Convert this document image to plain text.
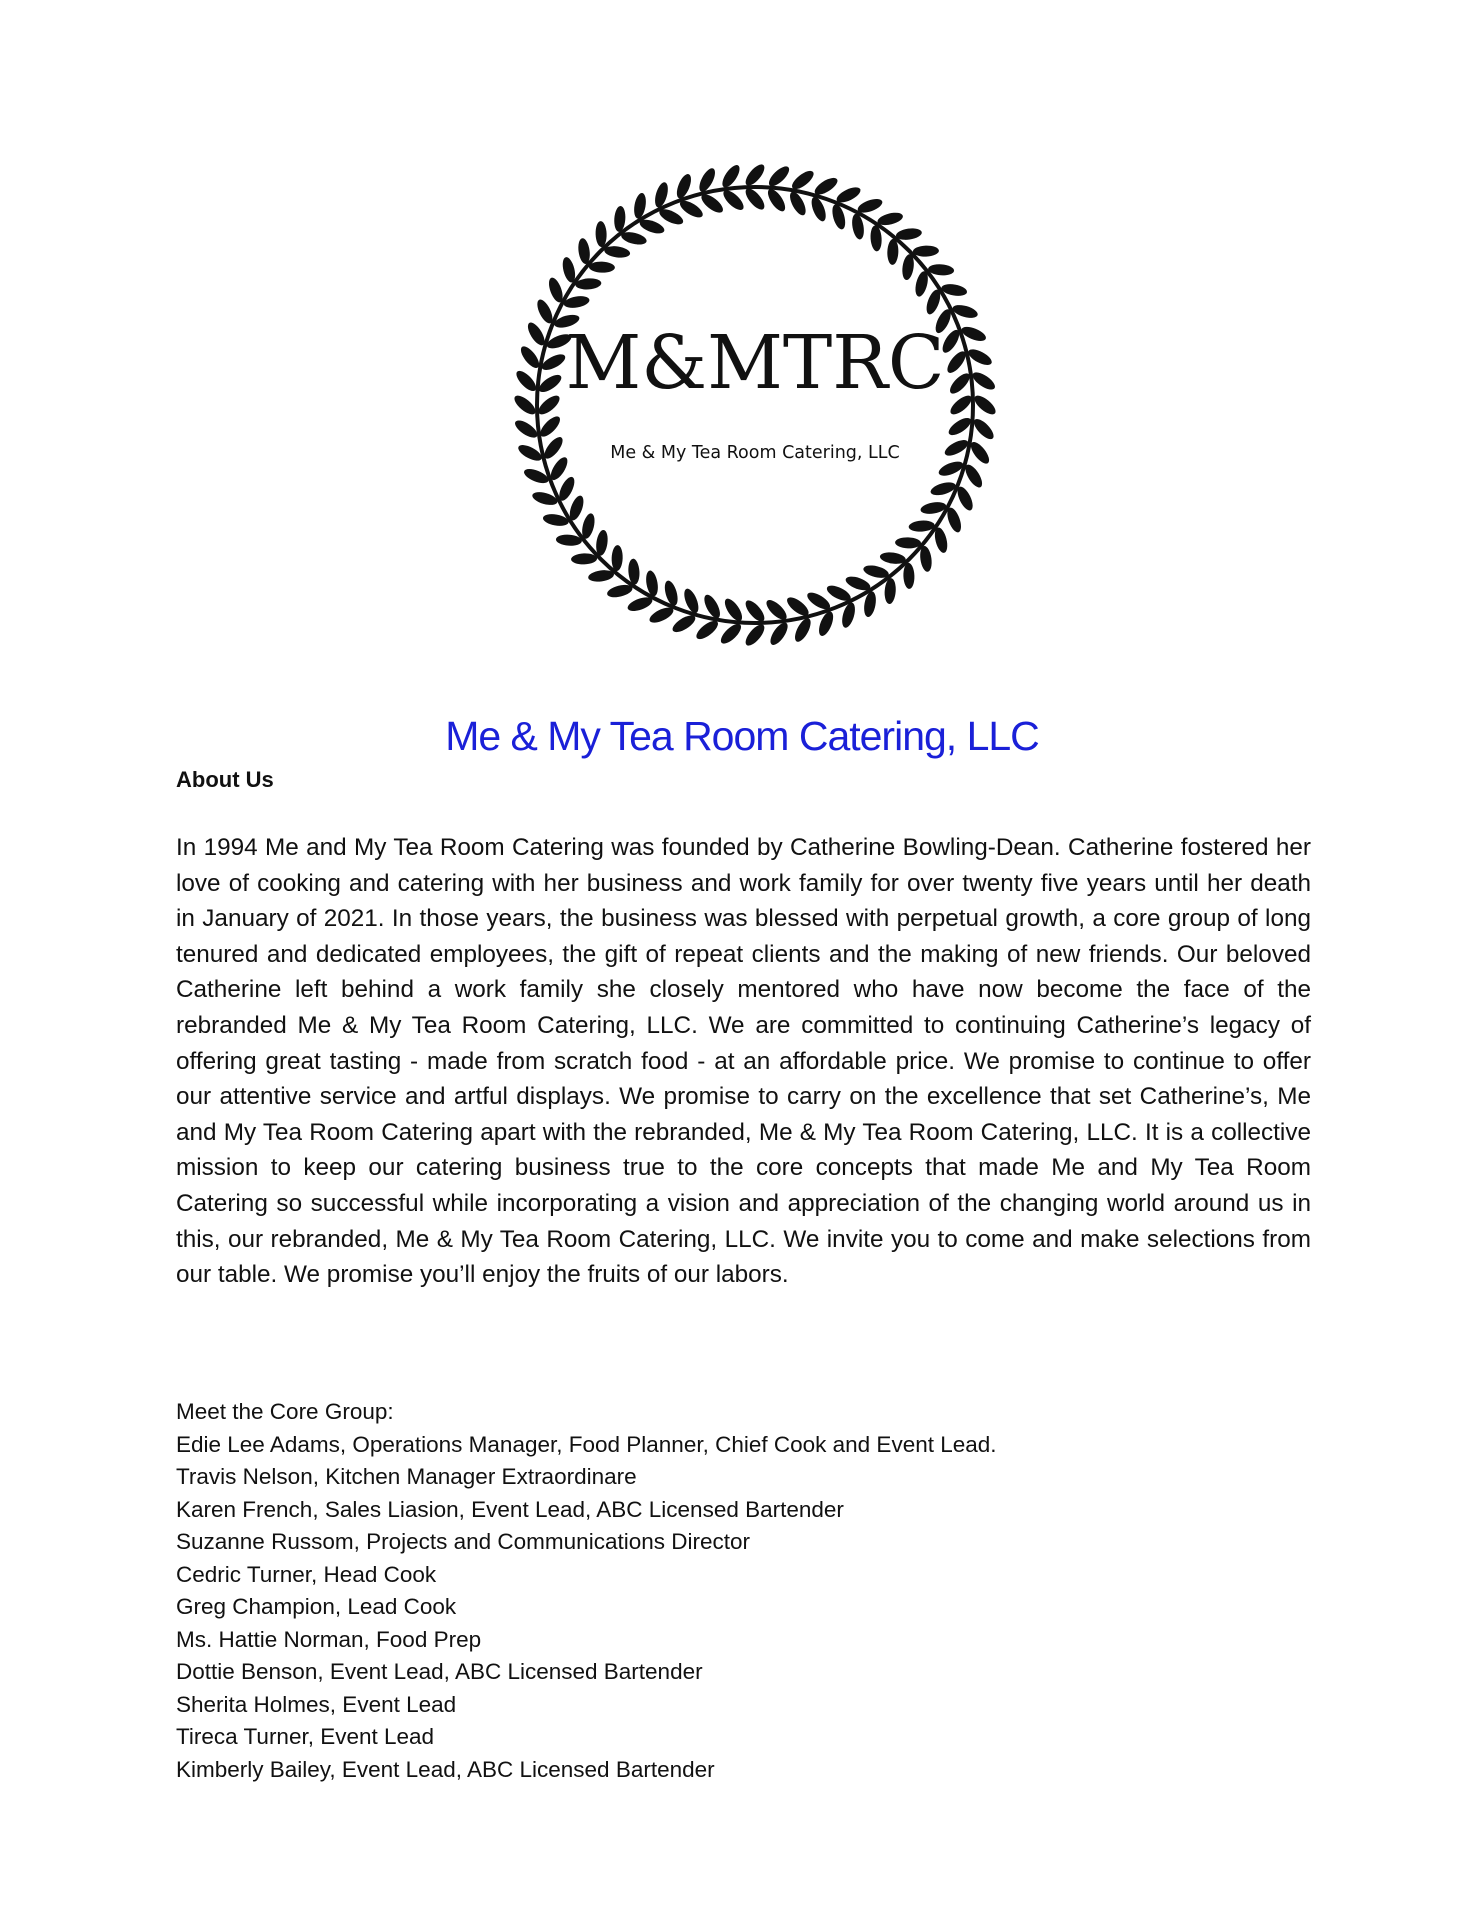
M&MTRC
Me & My Tea Room Catering, LLC
Me & My Tea Room Catering, LLC
About Us

In 1994 Me and My Tea Room Catering was founded by Catherine Bowling-Dean. Catherine fostered her love of cooking and catering with her business and work family for over twenty five years until her death in January of 2021. In those years, the business was blessed with perpetual growth, a core group of long tenured and dedicated employees, the gift of repeat clients and the making of new friends. Our beloved Catherine left behind a work family she closely mentored who have now become the face of the rebranded Me & My Tea Room Catering, LLC. We are committed to continuing Catherine’s legacy of offering great tasting - made from scratch food - at an affordable price. We promise to continue to offer our attentive service and artful displays. We promise to carry on the excellence that set Catherine’s, Me and My Tea Room Catering apart with the rebranded, Me & My Tea Room Catering, LLC. It is a collective mission to keep our catering business true to the core concepts that made Me and My Tea Room Catering so successful while incorporating a vision and appreciation of the changing world around us in this, our rebranded, Me & My Tea Room Catering, LLC. We invite you to come and make selections from our table. We promise you’ll enjoy the fruits of our labors.

Meet the Core Group:
Edie Lee Adams, Operations Manager, Food Planner, Chief Cook and Event Lead.
Travis Nelson, Kitchen Manager Extraordinare
Karen French, Sales Liasion, Event Lead, ABC Licensed Bartender
Suzanne Russom, Projects and Communications Director
Cedric Turner, Head Cook
Greg Champion, Lead Cook
Ms. Hattie Norman, Food Prep
Dottie Benson, Event Lead, ABC Licensed Bartender
Sherita Holmes, Event Lead
Tireca Turner, Event Lead
Kimberly Bailey, Event Lead, ABC Licensed Bartender
